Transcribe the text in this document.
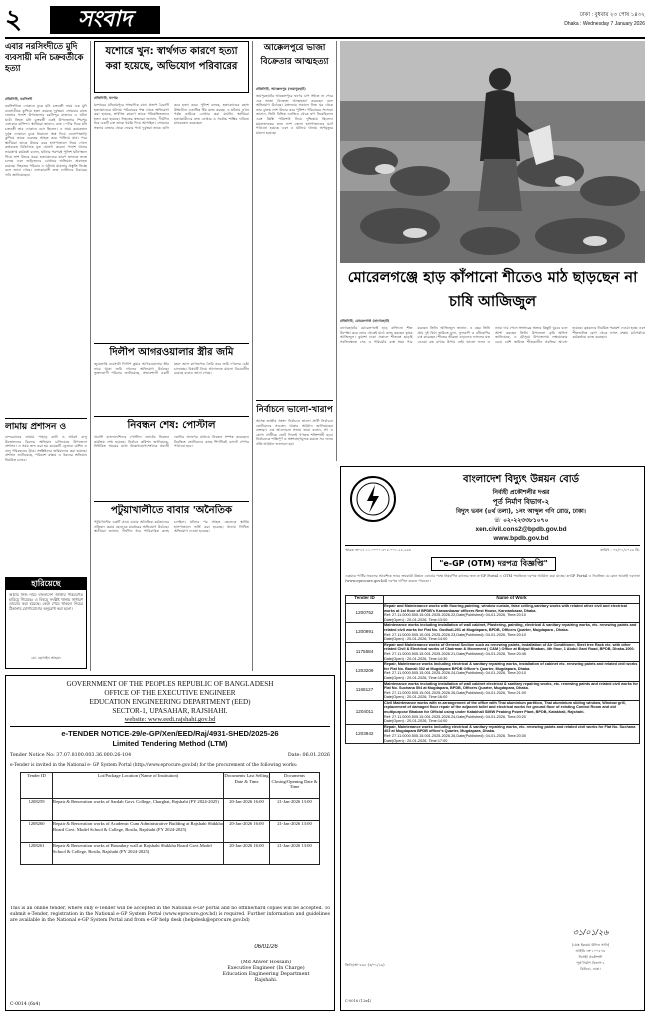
২	সংবাদ	ঢাকা : বুধবার ২৩ পৌষ ১৪৩২
Dhaka : Wednesday 7 January 2026
এবার নরসিংদীতে মুদি ব্যবসায়ী মনি চক্রবর্তীকে হত্যা
প্রতিনিধি, নরসিংদী
নরসিংদীতে দোকানে ঢুকে মনি চক্রবর্তী নামে এক মুদি ব্যবসায়ীকে কুপিয়ে হত্যা করেছে দুর্বৃত্তরা। সোমবার রাতে জেলার পলাশ উপজেলার চরসিন্দুর বাজারে এ ঘটনা ঘটে। নিহত মনি চক্রবর্তী একই উপজেলার শিবপুর এলাকার বাসিন্দা। স্থানীয়রা জানান, রাত ১০টার দিকে মনি চক্রবর্তী তার দোকানে বসে ছিলেন। এ সময় কয়েকজন দুর্বৃত্ত দোকানে ঢুকে ধারালো অস্ত্র দিয়ে এলোপাতাড়ি কুপিয়ে তাকে গুরুতর আহত করে পালিয়ে যায়। পরে স্থানীয়রা তাকে উদ্ধার করে হাসপাতালে নিয়ে গেলে কর্তব্যরত চিকিৎসক মৃত ঘোষণা করেন। পলাশ থানার ভারপ্রাপ্ত কর্মকর্তা বলেন, ঘটনার পরপরই পুলিশ ঘটনাস্থলে গিয়ে লাশ উদ্ধার করে। হত্যাকাণ্ডের কারণ জানতে তদন্ত চলছে এবং জড়িতদের গ্রেপ্তারে অভিযান অব্যাহত রয়েছে। নিহতের পরিবার এ ঘটনায় মামলার প্রস্তুতি নিচ্ছে বলে জানা গেছে। এলাকাবাসী দ্রুত দোষীদের বিচারের দাবি জানিয়েছেন।
লামায় প্রশাসন ও
বান্দরবানের লামায় পাহাড় কাটা ও অবৈধ বালু উত্তোলনের বিরুদ্ধে অভিযান চালিয়েছে উপজেলা প্রশাসন। এ সময় জব্দ করা হয় কয়েকটি ড্রেজার মেশিন ও বালু পরিবহনের ট্রাক। সংশ্লিষ্টদের জরিমানাও করা হয়েছে। প্রশাসন জানিয়েছে, পরিবেশ রক্ষায় এ ধরনের অভিযান নিয়মিত চলবে।
হারিয়েছে
আমার নিজ নামে বাংলাদেশ জাতীয় পরিচয়পত্র হারিয়ে গিয়েছে। এ বিষয়ে সংশ্লিষ্ট থানায় সাধারণ ডায়েরি করা হয়েছে। কেউ পেয়ে থাকলে নিচের ঠিকানায় যোগাযোগের অনুরোধ করা হলো।
মো. হোসাইন আহমদ
যশোরে খুন: স্বার্থগত কারণে হত্যা করা হয়েছে, অভিযোগ পরিবারের
প্রতিনিধি, যশোর
যশোরের মনিরামপুরে সাংবাদিক রানা প্রতাপ বৈরাগী হত্যাকাণ্ডের ঘটনায় পরিবারের পক্ষ থেকে অভিযোগ করা হয়েছে, স্বার্থগত কারণে তাকে পরিকল্পিতভাবে হত্যা করা হয়েছে। নিহতের স্বজনরা জানান, দীর্ঘদিন ধরে একটি চক্র তাকে হুমকি দিয়ে আসছিল। সোমবার সন্ধ্যায় বাজার থেকে ফেরার পথে দুর্বৃত্তরা তাকে গুলি করে হত্যা করে। পুলিশ বলছে, হত্যাকাণ্ডের রহস্য উদ্ঘাটনে একাধিক টিম কাজ করছে। এ ঘটনায় এখন পর্যন্ত কাউকে গ্রেপ্তার করা যায়নি। স্থানীয়রা হত্যাকারীদের দ্রুত গ্রেপ্তার ও সর্বোচ্চ শাস্তির দাবিতে মানববন্ধন করেছেন।
দিলীপ আগরওয়ালার স্ত্রীর জমি
জুয়েলারি ব্যবসায়ী দিলীপ কুমার আগরওয়ালার স্ত্রীর নামে থাকা জমি দখলের অভিযোগ উঠেছে। ভুক্তভোগী পরিবার জানিয়েছে, প্রভাবশালী একটি মহল জাল কাগজপত্র তৈরি করে জমি দখলের চেষ্টা চালাচ্ছে। বিষয়টি নিয়ে আদালতে মামলা বিচারাধীন রয়েছে বলেও জানা গেছে।
নিবন্ধন শেষ: পোস্টাল
প্রবাসী বাংলাদেশিদের পোস্টাল ভোটের নিবন্ধন কার্যক্রম শেষ হয়েছে। নির্বাচন কমিশন জানিয়েছে, নির্ধারিত সময়ের মধ্যে উল্লেখযোগ্যসংখ্যক প্রবাসী ভোটার অ্যাপের মাধ্যমে নিবন্ধন সম্পন্ন করেছেন। নিবন্ধিত ভোটারদের কাছে শিগগিরই ব্যালট পেপার পাঠানো হবে।
পটুয়াখালীতে বাবার 'অনৈতিক
পটুয়াখালীর একটি গ্রামে বাবার অনৈতিক কর্মকাণ্ডের প্রতিবাদ করায় ছেলেকে মারধরের অভিযোগ উঠেছে। স্থানীয়রা জানান, দীর্ঘদিন ধরে পারিবারিক কলহ চলছিল। ঘটনার পর আহত ছেলেকে স্থানীয় হাসপাতালে ভর্তি করা হয়েছে। থানায় লিখিত অভিযোগ দেওয়া হয়েছে।
আক্কেলপুরে ভাজা বিক্রেতার আত্মহত্যা
প্রতিনিধি, আক্কেলপুর (জয়পুরহাট)
জয়পুরহাটের আক্কেলপুরে ঋণের চাপ সইতে না পেরে এক ভাজা বিক্রেতা আত্মহত্যা করেছেন বলে অভিযোগ উঠেছে। মঙ্গলবার সকালে নিজ ঘর থেকে তার ঝুলন্ত লাশ উদ্ধার করে পুলিশ। পরিবারের সদস্যরা জানান, তিনি বিভিন্ন এনজিও থেকে ঋণ নিয়েছিলেন এবং কিস্তি পরিশোধ নিয়ে দুশ্চিন্তায় ছিলেন। ময়নাতদন্তের জন্য লাশ জেলা হাসপাতালের মর্গে পাঠানো হয়েছে এবং এ ঘটনায় থানায় অপমৃত্যুর মামলা হয়েছে।
নির্বাচনে ভালো-খারাপ
আসন্ন জাতীয় সংসদ নির্বাচনে ভালো প্রার্থী নির্বাচনে ভোটারদের সচেতন থাকার আহ্বান জানিয়েছেন বক্তারা। এক আলোচনা সভায় তারা বলেন, সৎ ও যোগ্য প্রার্থীকে ভোট দিলেই গণতন্ত্র শক্তিশালী হবে। নির্বাচনকে শান্তিপূর্ণ ও অংশগ্রহণমূলক করতে সব দলের প্রতি আহ্বান জানানো হয়।
মোরেলগঞ্জে হাড় কাঁপানো শীতেও মাঠ ছাড়ছেন না চাষি আজিজুল
প্রতিনিধি, মোরেলগঞ্জ (বাগেরহাট)
বাগেরহাটের মোরেলগঞ্জে হাড় কাঁপানো শীত উপেক্ষা করে ভোর থেকেই মাঠে কাজ করছেন কৃষক আজিজুল। কুয়াশা ঢাকা সকালে শীতবস্ত্র ছাড়াই সবজিক্ষেতে সেচ ও পরিচর্যায় ব্যস্ত সময় পার করছেন তিনি। আজিজুল জানান, এ বছর তিনি প্রায় দুই বিঘা জমিতে মুলা, ফুলকপি ও বাঁধাকপির চাষ করেছেন। শীতের তীব্রতা বাড়লেও ফসলের যত্ন নেওয়া বন্ধ রাখার উপায় নেই। ভালো ফলন ও ন্যায্য দাম পেলে সংসারের অভাব কিছুটা ঘুচবে বলে আশা করছেন তিনি। উপজেলা কৃষি অফিস জানিয়েছে, এ মৌসুমে উপজেলায় লক্ষ্যমাত্রার চেয়ে বেশি জমিতে শীতকালীন সবজির আবাদ হয়েছে। কৃষকদের নিয়মিত পরামর্শ দেওয়া হচ্ছে এবং শীতজনিত রোগ থেকে ফসল রক্ষায় মাঠপর্যায়ে কর্মকর্তারা কাজ করছেন।
বাংলাদেশ বিদ্যুৎ উন্নয়ন বোর্ড
নির্বাহী প্রকৌশলীর দপ্তর
পূর্ত নির্মাণ বিভাগ-২
বিদ্যুৎ ভবন (৪র্থ তলা), ১নং আব্দুল গণি রোড, ঢাকা।
☏ ০২-২২৩৩৮১০৭০
xen.civil.cons2@bpdb.gov.bd
www.bpdb.gov.bd
স্মারক নং-২৭.১১.০০০০.৫০৫.০০১.২৫.২৬৪	তারিখ : ০৪/০১/২০২৬ খ্রি.
"e-GP (OTM) দরপত্র বিজ্ঞপ্তি"
একমাত্র পার্টির সকলের আবশ্যিক ভাবে ক্রয়কারী উন্নয়ন বোর্ডের পক্ষে নিম্নবর্ণিত কাজের জন্য e-GP Portal এ OTM পদ্ধতিতে দরপত্র আহ্বান করা যাচ্ছে। e-GP Portal এ নিবন্ধিত যে কোন আগ্রহী দরদাতা (www.eprocure.gov.bd) দরপত্র দাখিল করতে পারবেন।
Tender ID	Name of Work
1200752	Repair and Maintenance works with flooring,painting, window curtain, false ceiling,sanitary works with related other civil and electrical works at 1st floor of BPDB's Karwanbazar officers Rest House, Karwanbazar, Dhaka.
Ref: 27.11.0000.505.15.001.2025-2026.22,Date(Published): 04-01-2026, Time:20:10
Date(Open) : 20-01-2026, Time:13:00

1200991	Maintenance works including installation of wall cabinet, Plastering, painting, electrical & sanitary repairing works, etc. renewing paints and related civil works for Flat No. Godhuli-201 at Mugdapara, BPDB, Officers Quarter, Mugdapara , Dhaka.
Ref: 27.11.0000.505.15.001.2025-2026.23,Date(Published): 04-01-2026, Time:20:10
Date(Open) : 20-01-2026, Time:14:00

1175584	Repair and Maintenance works of General Section such as renewing paints, installation of Air Conditioner, Steel tree Rack etc. with other related Civil & Electrical works of Chairman & Movement ( C&M ) Office at Bidyut Bhaban, 4th floor, 1 Abdul Gani Road, BPDB, Dhaka-1000.
Ref: 27.11.0000.505.15.001.2025-2026.21,Date(Published): 04-01-2026, Time:20:45
Date(Open) : 20-01-2026, Time:14:30

1203209	Repair, Maintenance works including electrical & sanitary repairing works, installation of cabinet etc. renewing paints and related civil works for Flat No. Bamali 302 at Mugdapara BPDB Officer's Quarter, Mugdapara, Dhaka.
Ref: 27.11.0000.505.15.001.2025-2026.24,Date(Published): 04-01-2026, Time:20:10
Date(Open) : 20-01-2026, Time:15:30

1168127	Maintenance works including installation of wall cabinet electrical & sanitary repairing works, etc. renewing paints and related civil works for Flat No. Suchana 504 at Mugdapara, BPDB, Officers Quarter, Mugdapara, Dhaka.
Ref: 27.11.0000.505.15.001.2025-2026.26,Date(Published): 04-01-2026, Time:21:00
Date(Open) : 20-01-2026, Time:16:00

1204011	Civil Maintenance works with re-arrangement of the office with Thai aluminium partition, Thai aluminium sliding window, Window grill, replacement of damaged floor repair of the adjacent toilet and electrical works for ground floor of existing Control Room and old multipurpose Bhaban for Official using under Katakhali SIMW Peaking Power Plant, BPDB, Katakhali, Rajshahi.
Ref: 27.11.0000.505.15.001.2025-2026.24,Date(Published): 04-01-2026, Time:20:20
Date(Open) : 20-01-2026, Time:14:00

1203942	Repair, Maintenance works including electrical & sanitary repairing works, etc. renewing paints and related civil works for Flat No. Suchana 403 at Mugdapara BPDB officer's Quarter, Mugdapara, Dhaka.
Ref: 27.11.0000.505.15.001.2025-2026.26,Date(Published): 04-01-2026, Time:20:30
Date(Open) : 20-01-2026, Time:17:00
৩১/০১/২৬
(মোঃ ইকরাম উদ্দিন সানি)
আইডি নং-১০০৫৭৪
নির্বাহী প্রকৌশলী
পূর্ত নির্মাণ বিভাগ-২
বিউবো, ঢাকা।
জিডি/আ-৫৬৮ (৩/০১/২৬)
C-0016 (12x4)
GOVERNMENT OF THE PEOPLES REPUBLIC OF BANGLADESH
OFFICE OF THE EXECUTIVE ENGINEER
EDUCATION ENGINEERING DEPARTMENT (EED)
SECTOR-1, UPASAHAR, RAJSHAHI.
website: www.eedi.rajshahi.gov.bd
e-TENDER NOTICE-29/e-GP/Xen/EED/Raj/4931-SHED/2025-26
Limited Tendering Method (LTM)
Tender Notice No: 37.07.8100.003.36.000.26-104	Date: 06.01.2026
e-Tender is invited in the National e- GP System Portal (http://www.eprocure.gov.bd) for the procurement of the following works:
Tender ID	Lot/Package Location (Name of Institution)	Documents Last Selling Date & Time	Documents Closing/Opening Date & Time
1208259	Repair & Renovation works of Sardah Govt. College, Charghat, Rajshahi (FY 2024-2025)	20-Jan-2026 16:00	21-Jan-2026 13:00
1208260	Repair & Renovation works of Academic Cum Administrative Building at Rajshahi Shikkha Board Govt. Model School & College, Bosila, Rajshahi (FY 2024-2025)	20-Jan-2026 16:00	21-Jan-2026 13:00
1208261	Repair & Renovation works of Boundary wall at Rajshahi Shikkha Board Govt.Model School & College, Bosila, Rajshahi (FY 2024-2025)	20-Jan-2026 16:00	21-Jan-2026 13:00
This is an online tender, where only e-Tender will be accepted in the National e-GP portal and no offline/hard copies will be accepted. To submit e-Tender, registration in the National e-GP System Portal (www.eprocure.gov.bd) is required. Further information and guidelines are available in the National e-GP System Portal and from e-GP help desk (helpdesk@eprocure.gov.bd)
06/01/26
(Md Anwer Hossain)
Executive Engineer (In Charge)
Education Engineering Department
Rajshahi.
C-0014 (6x4)
